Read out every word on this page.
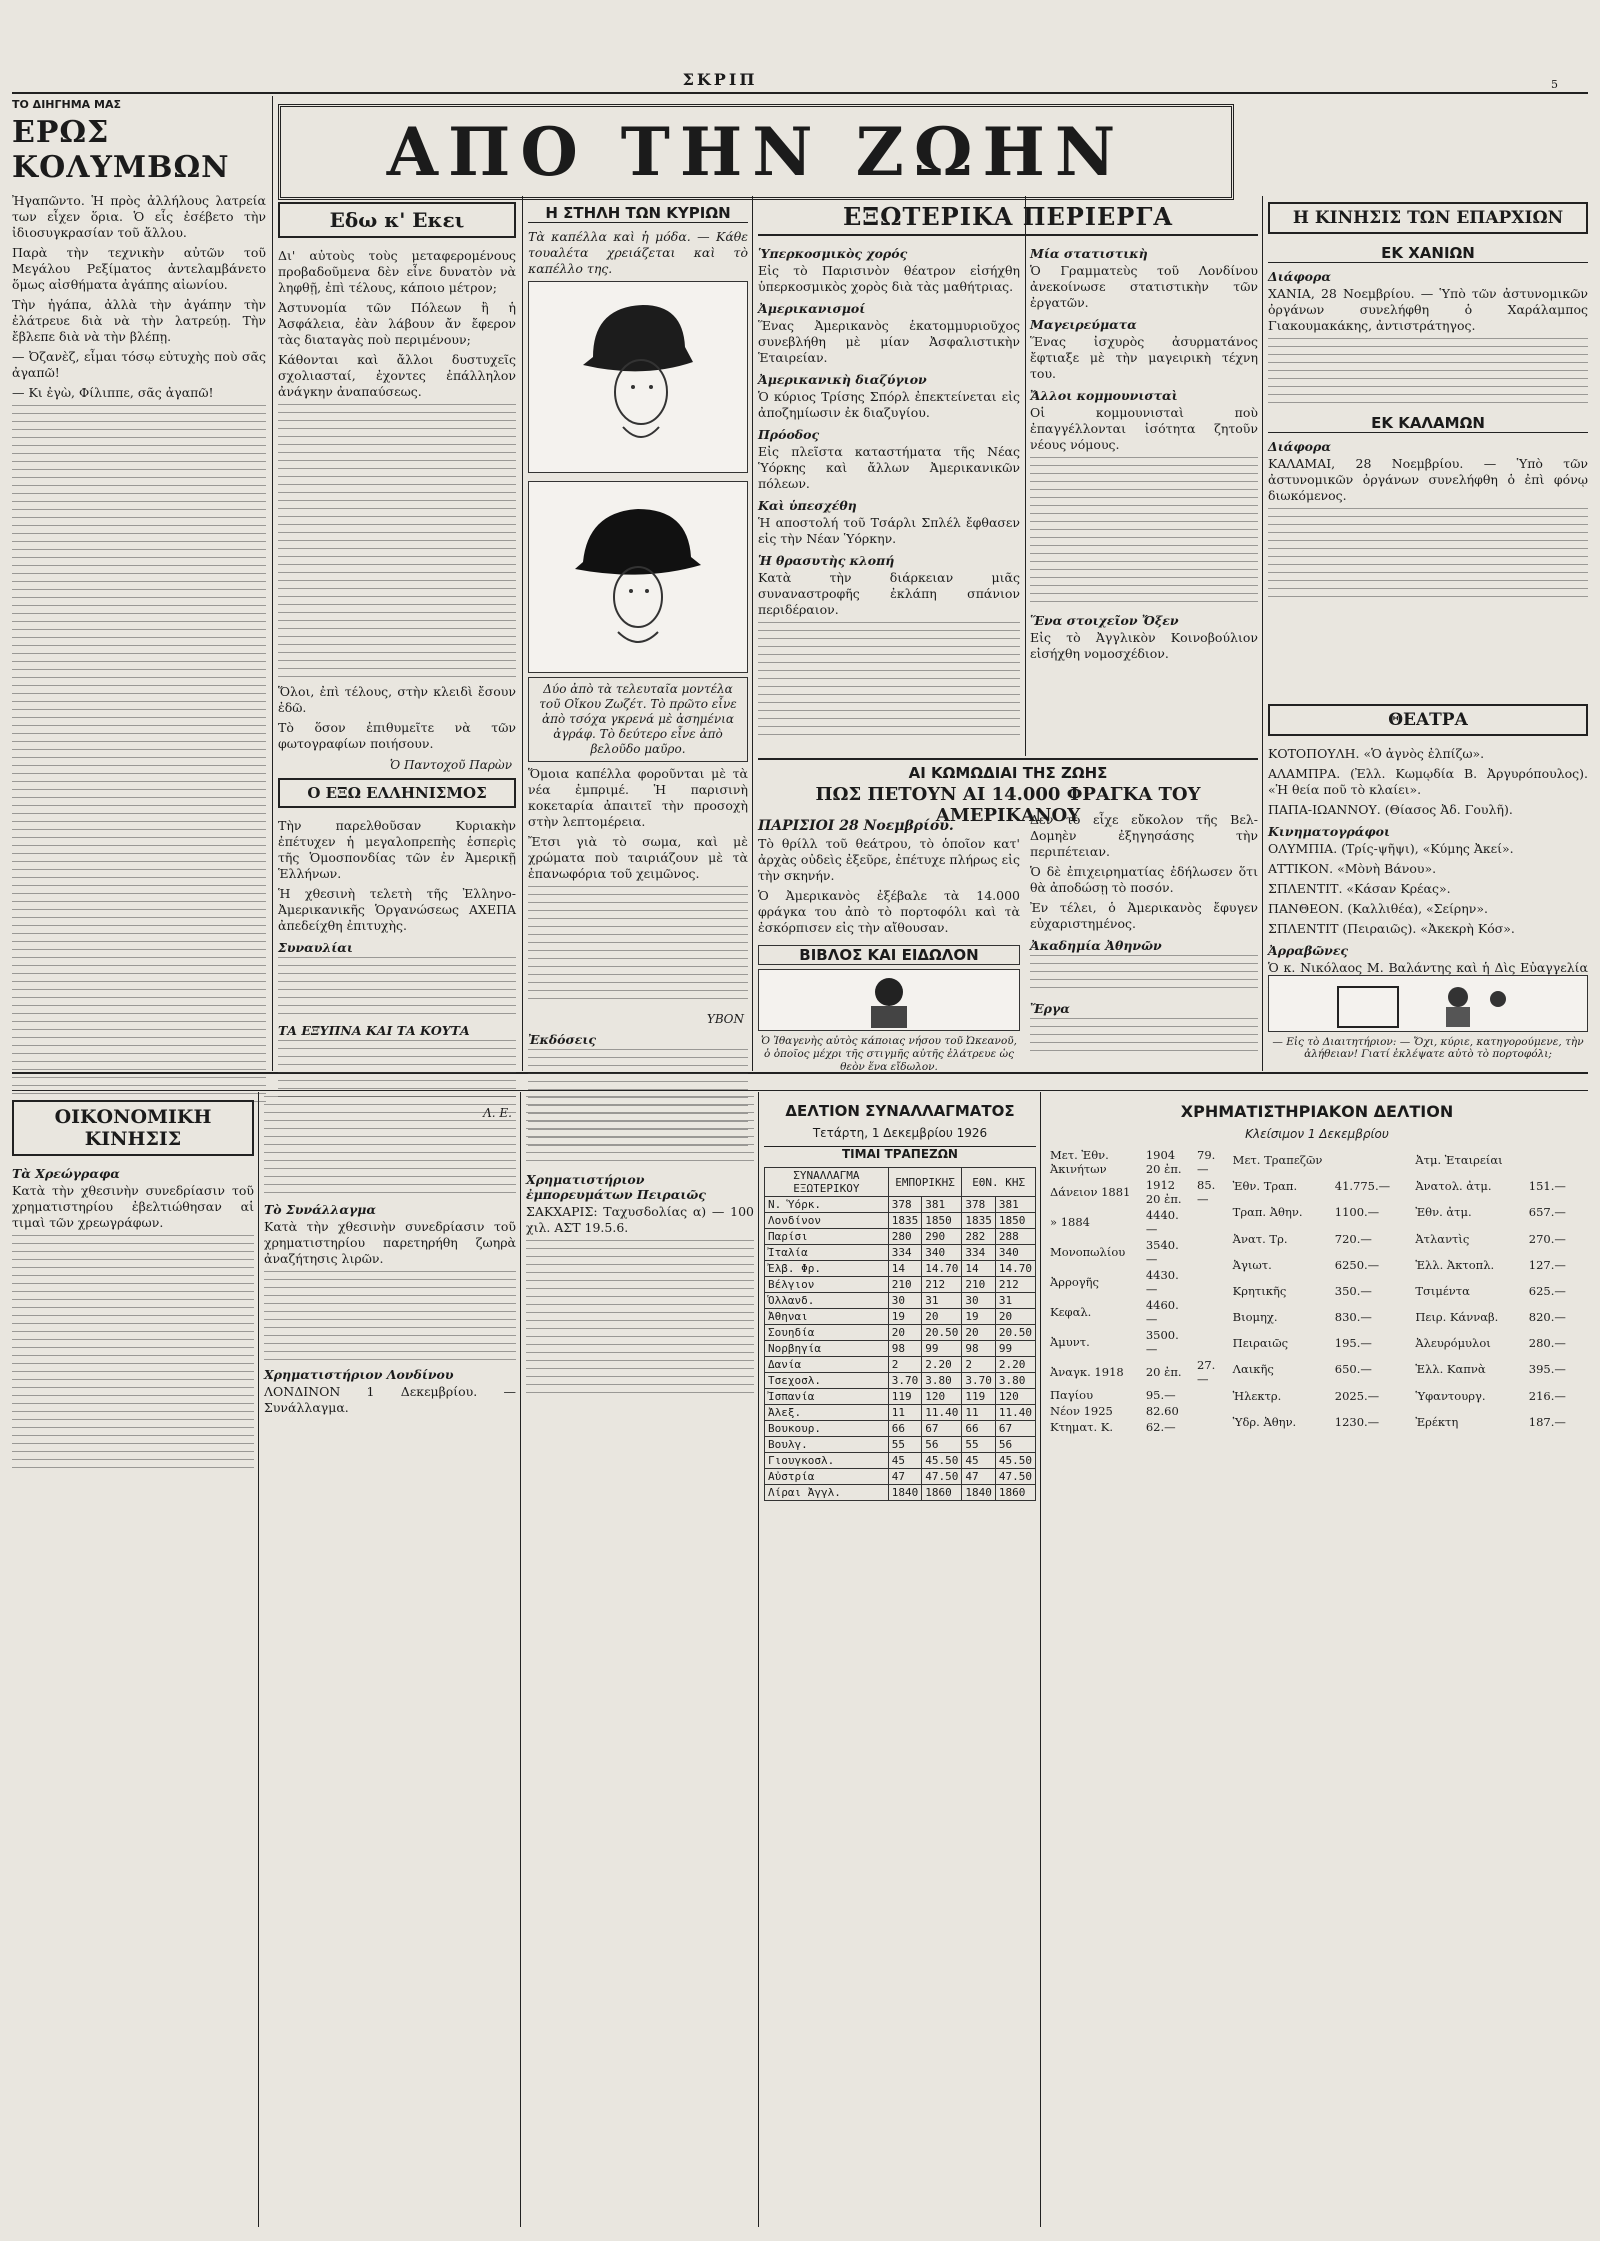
ΣΚΡΙΠ	5
ΑΠΟ ΤΗΝ ΖΩΗΝ
ΤΟ ΔΙΗΓΗΜΑ ΜΑΣ
ΕΡΩΣ ΚΟΛΥΜΒΩΝ

Ἠγαπῶντο. Ἡ πρὸς ἀλλήλους λατρεία των εἶχεν ὅρια. Ὁ εἷς ἐσέβετο τὴν ἰδιοσυγκρασίαν τοῦ ἄλλου.

Παρὰ τὴν τεχνικὴν αὐτῶν τοῦ Μεγάλου Ρεξίματος ἀντελαμβάνετο ὅμως αἰσθήματα ἀγάπης αἰωνίου.

Τὴν ἠγάπα, ἀλλὰ τὴν ἀγάπην τὴν ἐλάτρευε διὰ νὰ τὴν λατρεύῃ. Τὴν ἔβλεπε διὰ νὰ τὴν βλέπῃ.

— Ὀζανὲζ, εἶμαι τόσῳ εὐτυχὴς ποὺ σᾶς ἀγαπῶ!

— Κι ἐγὼ, Φίλιππε, σᾶς ἀγαπῶ!

Εδω κ' Εκει

Δι' αὐτοὺς τοὺς μεταφερομένους προβαδοῦμενα δὲν εἶνε δυνατὸν νὰ ληφθῇ, ἐπὶ τέλους, κάποιο μέτρον;

Ἀστυνομία τῶν Πόλεων ἢ ἡ Ἀσφάλεια, ἐὰν λάβουν ἄν ἔφερον τὰς διαταγὰς ποὺ περιμένουν;

Κάθονται καὶ ἄλλοι δυστυχεῖς σχολιασταί, ἐχοντες ἐπάλληλον ἀνάγκην ἀναπαύσεως.

Ὅλοι, ἐπὶ τέλους, στὴν κλειδὶ ἔσουν ἐδῶ.

Τὸ ὅσον ἐπιθυμεῖτε νὰ τῶν φωτογραφίων ποιήσουν.

Ὁ Παντοχοῦ Παρὼν
Ο ΕΞΩ ΕΛΛΗΝΙΣΜΟΣ

Τὴν παρελθοῦσαν Κυριακὴν ἐπέτυχεν ἡ μεγαλοπρεπὴς ἑσπερὶς τῆς Ὁμοσπονδίας τῶν ἐν Ἀμερικῇ Ἑλλήνων.

Ἡ χθεσινὴ τελετὴ τῆς Ἐλληνο-Ἀμερικανικῆς Ὁργανώσεως ΑΧΕΠΑ ἀπεδείχθη ἐπιτυχὴς.

Συναυλίαι
ΤΑ ΕΞΥΠΝΑ ΚΑΙ ΤΑ ΚΟΥΤΑ
Λ. Ε.
Η ΣΤΗΛΗ ΤΩΝ ΚΥΡΙΩΝ

Τὰ καπέλλα καὶ ἡ μόδα. — Κάθε τουαλέτα χρειάζεται καὶ τὸ καπέλλο της.

Δύο ἀπὸ τὰ τελευταῖα μοντέλα τοῦ Οἴκου Ζωζέτ. Τὸ πρῶτο εἶνε ἀπὸ τσόχα γκρενά μὲ ἀσημένια ἀγράφ. Τὸ δεύτερο εἶνε ἀπὸ βελοῦδο μαῦρο.

Ὅμοια καπέλλα φοροῦνται μὲ τὰ νέα ἐμπριμέ. Ἡ παρισινὴ κοκεταρία ἀπαιτεῖ τὴν προσοχὴ στὴν λεπτομέρεια.

Ἔτσι γιὰ τὸ σωμα, καὶ μὲ χρώματα ποὺ ταιριάζουν μὲ τὰ ἐπανωφόρια τοῦ χειμῶνος.

ΥΒΟΝ
Ἐκδόσεις
ΕΞΩΤΕΡΙΚΑ ΠΕΡΙΕΡΓΑ
Ὑπερκοσμικὸς χορός

Εἰς τὸ Παρισινὸν θέατρον εἰσήχθη ὑπερκοσμικὸς χορὸς διὰ τὰς μαθήτριας.

Ἀμερικανισμοί

Ἕνας Ἀμερικανὸς ἑκατομμυριοῦχος συνεβλήθη μὲ μίαν Ἀσφαλιστικὴν Ἑταιρείαν.

Ἀμερικανικὴ διαζύγιον

Ὁ κύριος Τρίσης Σπόρλ ἐπεκτείνεται εἰς ἀποζημίωσιν ἐκ διαζυγίου.

Πρόοδος

Εἰς πλεῖστα καταστήματα τῆς Νέας Ὑόρκης καὶ ἄλλων Ἀμερικανικῶν πόλεων.

Καὶ ὑπεσχέθη

Ἡ αποστολή τοῦ Τσάρλι Σπλέλ ἔφθασεν εἰς τὴν Νέαν Ὑόρκην.

Ἡ θρασυτὴς κλοπή

Κατὰ τὴν διάρκειαν μιᾶς συναναστροφῆς ἐκλάπη σπάνιον περιδέραιον.

Μία στατιστικὴ

Ὁ Γραμματεὺς τοῦ Λονδίνου ἀνεκοίνωσε στατιστικὴν τῶν ἐργατῶν.

Μαγειρεύματα

Ἕνας ἰσχυρὸς ἀσυρματάνος ἔφτιαξε μὲ τὴν μαγειρικὴ τέχνη του.

Ἄλλοι κομμουνισταὶ

Οἱ κομμουνισταὶ ποὺ ἐπαγγέλλονται ἰσότητα ζητοῦν νέους νόμους.

Ἕνα στοιχεῖον Ὄξεν

Εἰς τὸ Ἀγγλικὸν Κοινοβούλιον εἰσήχθη νομοσχέδιον.

ΑΙ ΚΩΜΩΔΙΑΙ ΤΗΣ ΖΩΗΣ
ΠΩΣ ΠΕΤΟΥΝ ΑΙ 14.000 ΦΡΑΓΚΑ ΤΟΥ ΑΜΕΡΙΚΑΝΟΥ
ΠΑΡΙΣΙΟΙ 28 Νοεμβρίου.

Τὸ θρίλλ τοῦ θεάτρου, τὸ ὁποῖον κατ' ἀρχὰς οὐδεὶς ἐξεῦρε, ἐπέτυχε πλήρως εἰς τὴν σκηνήν.

Ὁ Ἀμερικανὸς ἐξέβαλε τὰ 14.000 φράγκα του ἀπὸ τὸ πορτοφόλι καὶ τὰ ἐσκόρπισεν εἰς τὴν αἴθουσαν.

Δὲν τὸ εἶχε εὔκολον τῆς Βελ-Δομηὲν ἐξηγησάσης τὴν περιπέτειαν.

Ὁ δὲ ἐπιχειρηματίας ἐδήλωσεν ὅτι θὰ ἀποδώσῃ τὸ ποσόν.

Ἐν τέλει, ὁ Ἀμερικανὸς ἔφυγεν εὐχαριστημένος.

Ἀκαδημία Ἀθηνῶν
Ἔργα
ΒΙΒΛΟΣ ΚΑΙ ΕΙΔΩΛΟΝ
Ὁ Ἰθαγενὴς αὐτὸς κάποιας νήσου τοῦ Ὠκεανοῦ, ὁ ὁποῖος μέχρι τῆς στιγμῆς αὐτῆς ἐλάτρευε ὡς θεὸν ἕνα εἴδωλον.
Η ΚΙΝΗΣΙΣ ΤΩΝ ΕΠΑΡΧΙΩΝ
ΕΚ ΧΑΝΙΩΝ
Διάφορα

ΧΑΝΙΑ, 28 Νοεμβρίου. — Ὑπὸ τῶν ἀστυνομικῶν ὀργάνων συνελήφθη ὁ Χαράλαμπος Γιακουμακάκης, ἀντιστράτηγος.

ΕΚ ΚΑΛΑΜΩΝ
Διάφορα

ΚΑΛΑΜΑΙ, 28 Νοεμβρίου. — Ὑπὸ τῶν ἀστυνομικῶν ὀργάνων συνελήφθη ὁ ἐπὶ φόνῳ διωκόμενος.

ΘΕΑΤΡΑ
ΚΟΤΟΠΟΥΛΗ. «Ὁ ἀγνὸς ἐλπίζω».
ΑΛΑΜΠΡΑ. (Ἐλλ. Κωμῳδία Β. Ἀργυρόπουλος). «Ἡ θεία ποῦ τὸ κλαίει».
ΠΑΠΑ-ΙΩΑΝΝΟΥ. (Θίασος Ἀδ. Γουλῆ).
Κινηματογράφοι
ΟΛΥΜΠΙΑ. (Τρίς-ψῆψι), «Κύμης Ἀκεί».
ΑΤΤΙΚΟΝ. «Μὸνὴ Βάνου».
ΣΠΛΕΝΤΙΤ. «Κάσαν Κρέας».
ΠΑΝΘΕΟΝ. (Καλλιθέα), «Σείρην».
ΣΠΛΕΝΤΙΤ (Πειραιῶς). «Ἀκεκρὴ Κόσ».
Ἀρραβῶνες

Ὁ κ. Νικόλαος Μ. Βαλάντης καὶ ἡ Δὶς Εὐαγγελία

— Εἰς τὸ Διαιτητήριον: — Ὄχι, κύριε, κατηγορούμενε, τὴν ἀλήθειαν! Γιατί ἐκλέψατε αὐτὸ τὸ πορτοφόλι;
ΟΙΚΟΝΟΜΙΚΗ ΚΙΝΗΣΙΣ
Τὰ Χρεώγραφα

Κατὰ τὴν χθεσινὴν συνεδρίασιν τοῦ χρηματιστηρίου ἐβελτιώθησαν αἱ τιμαὶ τῶν χρεωγράφων.

Τὸ Συνάλλαγμα

Κατὰ τὴν χθεσινὴν συνεδρίασιν τοῦ χρηματιστηρίου παρετηρήθη ζωηρὰ ἀναζήτησις λιρῶν.

Χρηματιστήριον Λονδίνου

ΛΟΝΔΙΝΟΝ 1 Δεκεμβρίου. — Συνάλλαγμα.

Χρηματιστήριον ἐμπορευμάτων Πειραιῶς

ΣΑΚΧΑΡΙΣ: Ταχυσδολίας α) — 100 χιλ. ΑΣΤ 19.5.6.

ΔΕΛΤΙΟΝ ΣΥΝΑΛΛΑΓΜΑΤΟΣ
Τετάρτη, 1 Δεκεμβρίου 1926
ΤΙΜΑΙ ΤΡΑΠΕΖΩΝ
ΣΥΝΑΛΛΑΓΜΑ ΕΞΩΤΕΡΙΚΟΥ	ΕΜΠΟΡΙΚΗΣ		ΕΘΝ. ΚΗΣ	
Ν. Ὑόρκ.	378	381	378	381
Λονδίνον	1835	1850	1835	1850
Παρίσι	280	290	282	288
Ἰταλία	334	340	334	340
Ἐλβ. Φρ.	14	14.70	14	14.70
Βέλγιον	210	212	210	212
Ὁλλανδ.	30	31	30	31
Ἀθηναι	19	20	19	20
Σουηδία	20	20.50	20	20.50
Νορβηγία	98	99	98	99
Δανία	2	2.20	2	2.20
Τσεχοσλ.	3.70	3.80	3.70	3.80
Ἰσπανία	119	120	119	120
Ἀλεξ.	11	11.40	11	11.40
Βουκουρ.	66	67	66	67
Βουλγ.	55	56	55	56
Γιουγκοσλ.	45	45.50	45	45.50
Αὐστρία	47	47.50	47	47.50
Λίραι Ἀγγλ.	1840	1860	1840	1860
ΧΡΗΜΑΤΙΣΤΗΡΙΑΚΟΝ ΔΕΛΤΙΟΝ
Κλείσιμον 1 Δεκεμβρίου
Μετ. Ἐθν. Ἀκινήτων	1904 20 ἐπ.	79.—
Δάνειον 1881	1912 20 ἐπ.	85.—
» 1884	4440.—	
Μονοπωλίου	3540.—	
Ἀρρογῆς	4430.—	
Κεφαλ.	4460.—	
Ἀμυντ.	3500.—	
Ἀναγκ. 1918	20 ἐπ.	27.—
Παγίου	95.—	
Νέον 1925	82.60	
Κτηματ. Κ.	62.—	
Μετ. Τραπεζῶν		
Ἐθν. Τραπ.	41.775.—	
Τραπ. Ἀθην.	1100.—	
Ἀνατ. Τρ.	720.—	
Ἀγιωτ.	6250.—	
Κρητικῆς	350.—	
Βιομηχ.	830.—	
Πειραιῶς	195.—	
Λαικῆς	650.—	
Ἡλεκτρ.	2025.—	
Ὑδρ. Ἀθην.	1230.—	
Ἀτμ. Ἑταιρείαι		
Ἀνατολ. ἀτμ.	151.—	
Ἐθν. ἀτμ.	657.—	
Ἀτλαντὶς	270.—	
Ἑλλ. Ἀκτοπλ.	127.—	
Τσιμέντα	625.—	
Πειρ. Κάνναβ.	820.—	
Ἀλευρόμυλοι	280.—	
Ἑλλ. Καπνὰ	395.—	
Ὑφαντουργ.	216.—	
Ἐρέκτη	187.—	
